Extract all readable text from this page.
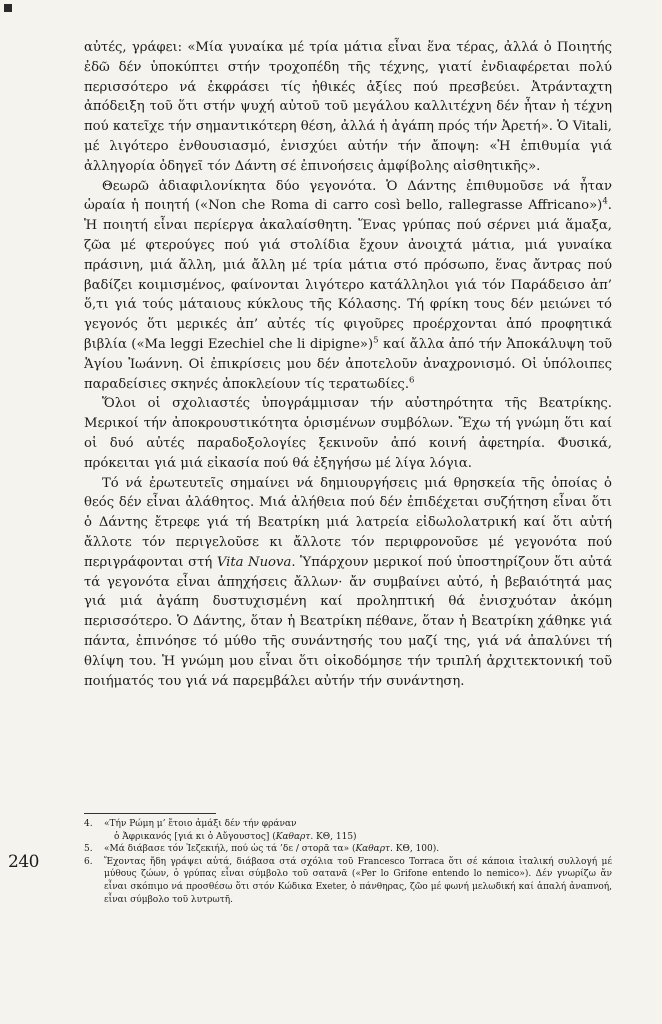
αὐτές, γράφει: «Μία γυναίκα μέ τρία μάτια εἶναι ἕνα τέρας, ἀλλά ὁ Ποιητής ἐδῶ δέν ὑποκύπτει στήν τροχοπέδη τῆς τέχνης, γιατί ἐνδιαφέρεται πολύ περισσότερο νά ἐκφράσει τίς ἠθικές ἀξίες πού πρεσβεύει. Ἀτράνταχτη ἀπόδειξη τοῦ ὅτι στήν ψυχή αὐτοῦ τοῦ μεγάλου καλλιτέχνη δέν ἦταν ἡ τέχνη πού κατεῖχε τήν σημαντικότερη θέση, ἀλλά ἡ ἀγάπη πρός τήν Ἀρετή». Ὁ Vitali, μέ λιγότερο ἐνθουσιασμό, ἐνισχύει αὐτήν τήν ἄποψη: «Ἡ ἐπιθυμία γιά ἀλληγορία ὁδηγεῖ τόν Δάντη σέ ἐπινοήσεις ἀμφίβολης αἰσθητικῆς».

Θεωρῶ ἀδιαφιλονίκητα δύο γεγονότα. Ὁ Δάντης ἐπιθυμοῦσε νά ἦταν ὡραία ἡ ποιητή («Non che Roma di carro così bello, rallegrasse Affricano»)$^4$. Ἡ ποιητή εἶναι περίεργα ἀκαλαίσθητη. Ἕνας γρύπας πού σέρνει μιά ἅμαξα, ζῶα μέ φτερούγες πού γιά στολίδια ἔχουν ἀνοιχτά μάτια, μιά γυναίκα πράσινη, μιά ἄλλη, μιά ἄλλη μέ τρία μάτια στό πρόσωπο, ἕνας ἄντρας πού βαδίζει κοιμισμένος, φαίνονται λιγότερο κατάλληλοι γιά τόν Παράδεισο ἀπ’ ὅ,τι γιά τούς μάταιους κύκλους τῆς Κόλασης. Τή φρίκη τους δέν μειώνει τό γεγονός ὅτι μερικές ἀπ’ αὐτές τίς φιγοῦρες προέρχονται ἀπό προφητικά βιβλία («Ma leggi Ezechiel che li dipigne»)$^5$ καί ἄλλα ἀπό τήν Ἀποκάλυψη τοῦ Ἁγίου Ἰωάννη. Οἱ ἐπικρίσεις μου δέν ἀποτελοῦν ἀναχρονισμό. Οἱ ὑπόλοιπες παραδείσιες σκηνές ἀποκλείουν τίς τερατωδίες.$^6$

Ὅλοι οἱ σχολιαστές ὑπογράμμισαν τήν αὐστηρότητα τῆς Βεατρίκης. Μερικοί τήν ἀποκρουστικότητα ὁρισμένων συμβόλων. Ἔχω τή γνώμη ὅτι καί οἱ δυό αὐτές παραδοξολογίες ξεκινοῦν ἀπό κοινή ἀφετηρία. Φυσικά, πρόκειται γιά μιά εἰκασία πού θά ἐξηγήσω μέ λίγα λόγια.

Τό νά ἐρωτευτεῖς σημαίνει νά δημιουργήσεις μιά θρησκεία τῆς ὁποίας ὁ θεός δέν εἶναι ἀλάθητος. Μιά ἀλήθεια πού δέν ἐπιδέχεται συζήτηση εἶναι ὅτι ὁ Δάντης ἔτρεφε γιά τή Βεατρίκη μιά λατρεία εἰδωλολατρική καί ὅτι αὐτή ἄλλοτε τόν περιγελοῦσε κι ἄλλοτε τόν περιφρονοῦσε μέ γεγονότα πού περιγράφονται στή Vita Nuova. Ὑπάρχουν μερικοί πού ὑποστηρίζουν ὅτι αὐτά τά γεγονότα εἶναι ἀπηχήσεις ἄλλων· ἄν συμβαίνει αὐτό, ἡ βεβαιότητά μας γιά μιά ἀγάπη δυστυχισμένη καί προληπτική θά ἐνισχυόταν ἀκόμη περισσότερο. Ὁ Δάντης, ὅταν ἡ Βεατρίκη πέθανε, ὅταν ἡ Βεατρίκη χάθηκε γιά πάντα, ἐπινόησε τό μύθο τῆς συνάντησής του μαζί της, γιά νά ἀπαλύνει τή θλίψη του. Ἡ γνώμη μου εἶναι ὅτι οἰκοδόμησε τήν τριπλή ἀρχιτεκτονική τοῦ ποιήματός του γιά νά παρεμβάλει αὐτήν τήν συνάντηση.

4. «Τήν Ρώμη μ’ ἔτοιο ἀμάξι δέν τήν φράναν
ὁ Ἀφρικανός [γιά κι ὁ Αὔγουστος] (Καθαρτ. ΚΘ, 115)
5. «Μά διάβασε τόν Ἰεζεκιήλ, πού ὡς τά ’δε / στορᾶ τα» (Καθαρτ. ΚΘ, 100).
6. Ἔχοντας ἤδη γράψει αὐτά, διάβασα στά σχόλια τοῦ Francesco Torraca ὅτι σέ κάποια ἰταλική συλλογή μέ μύθους ζώων, ὁ γρύπας εἶναι σύμβολο τοῦ σατανᾶ («Per lo Grifone entendo lo nemico»). Δέν γνωρίζω ἄν εἶναι σκόπιμο νά προσθέσω ὅτι στόν Κώδικα Exeter, ὁ πάνθηρας, ζῶο μέ φωνή μελωδική καί ἁπαλή ἀναπνοή, εἶναι σύμβολο τοῦ λυτρωτῆ.
240
